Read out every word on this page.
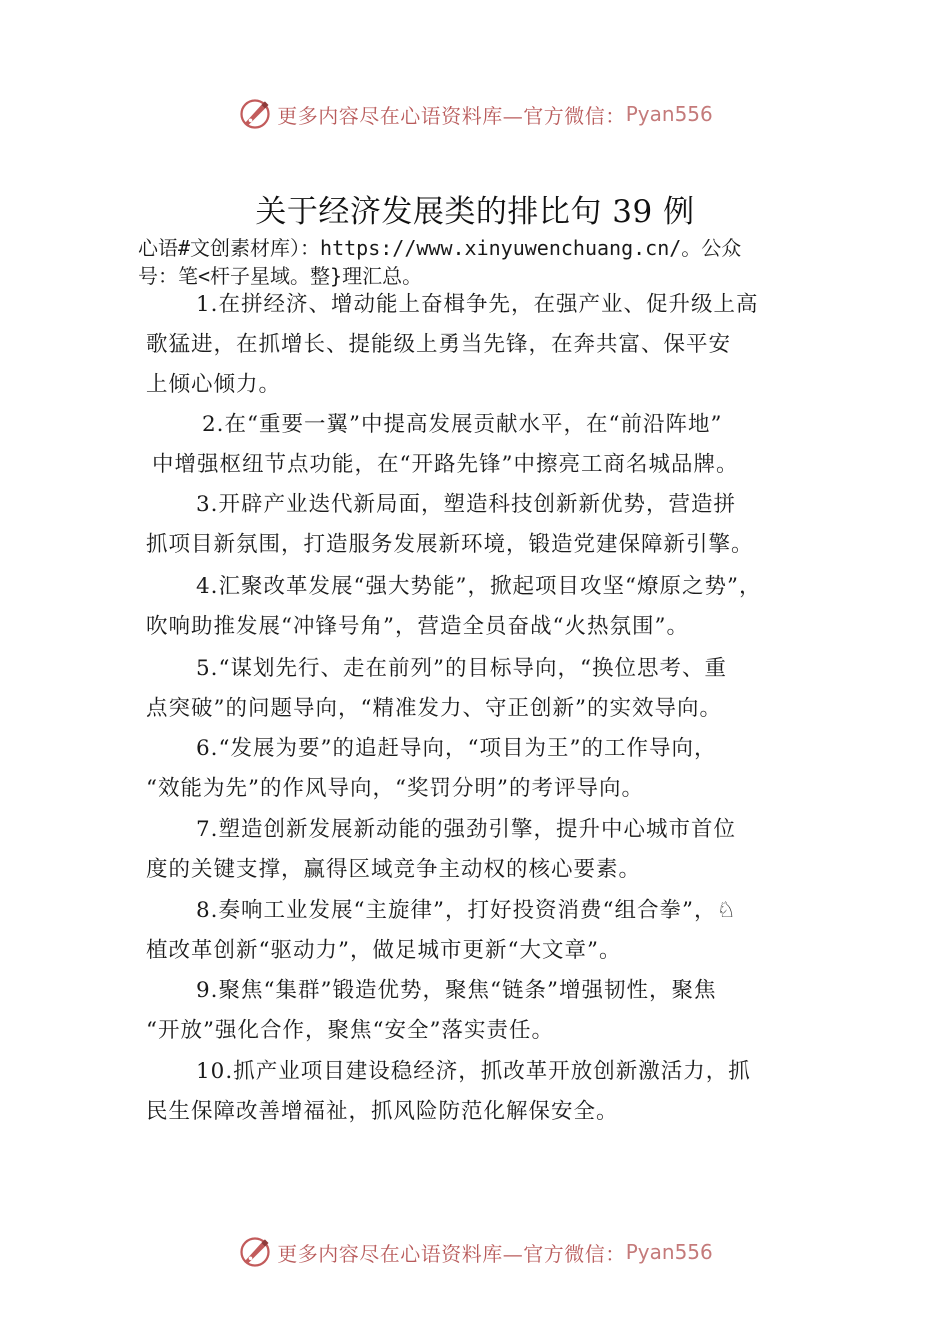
更多内容尽在心语资料库—官方微信： Pyan556
关于经济发展类的排比句 39 例
心语#文创素材库）：https://www.xinyuwenchuang.cn/。公众
号：笔<杆子星域。整}理汇总。
1.在拼经济、增动能上奋楫争先，在强产业、促升级上高
歌猛进，在抓增长、提能级上勇当先锋，在奔共富、保平安
上倾心倾力。
2.在“重要一翼”中提高发展贡献水平，在“前沿阵地”
中增强枢纽节点功能，在“开路先锋”中擦亮工商名城品牌。
3.开辟产业迭代新局面，塑造科技创新新优势，营造拼
抓项目新氛围，打造服务发展新环境，锻造党建保障新引擎。
4.汇聚改革发展“强大势能”，掀起项目攻坚“燎原之势”，
吹响助推发展“冲锋号角”，营造全员奋战“火热氛围”。
5.“谋划先行、走在前列”的目标导向，“换位思考、重
点突破”的问题导向，“精准发力、守正创新”的实效导向。
6.“发展为要”的追赶导向，“项目为王”的工作导向，
“效能为先”的作风导向，“奖罚分明”的考评导向。
7.塑造创新发展新动能的强劲引擎，提升中心城市首位
度的关键支撑，赢得区域竞争主动权的核心要素。
8.奏响工业发展“主旋律”，打好投资消费“组合拳”，♘
植改革创新“驱动力”，做足城市更新“大文章”。
9.聚焦“集群”锻造优势，聚焦“链条”增强韧性，聚焦
“开放”强化合作，聚焦“安全”落实责任。
10.抓产业项目建设稳经济，抓改革开放创新激活力，抓
民生保障改善增福祉，抓风险防范化解保安全。
更多内容尽在心语资料库—官方微信： Pyan556
